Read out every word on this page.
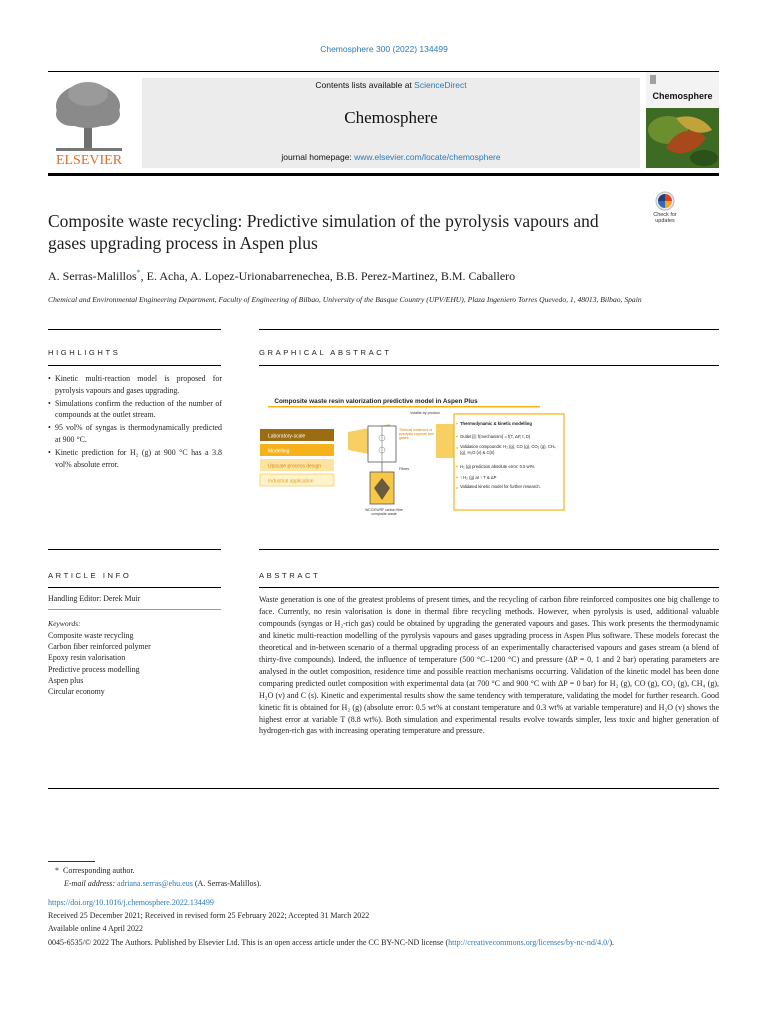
Chemosphere 300 (2022) 134499
ELSEVIER
Contents lists available at ScienceDirect
Chemosphere
journal homepage: www.elsevier.com/locate/chemosphere
Chemosphere
Composite waste recycling: Predictive simulation of the pyrolysis vapours and gases upgrading process in Aspen plus
Check for updates
A. Serras-Malillos*, E. Acha, A. Lopez-Urionabarrenechea, B.B. Perez-Martinez, B.M. Caballero
Chemical and Environmental Engineering Department, Faculty of Engineering of Bilbao, University of the Basque Country (UPV/EHU), Plaza Ingeniero Torres Quevedo, 1, 48013, Bilbao, Spain
HIGHLIGHTS	GRAPHICAL ABSTRACT
• Kinetic multi-reaction model is proposed for pyrolysis vapours and gases upgrading.
• Simulations confirm the reduction of the number of compounds at the outlet stream.
• 95 vol% of syngas is thermodynamically predicted at 900 °C.
• Kinetic prediction for H₂ (g) at 900 °C has a 3.8 vol% absolute error.
Composite waste resin valorization predictive model in Aspen Plus
Laboratory-scale
Modelling
Upscale process design
Industrial application
Volatile by-product
Thermal treatment of pyrolysis vapours and gases
Fibres
WCC/EWRF carbon fibre composite waste
Thermodynamic & kinetic modelling
Outlet [i]: f(mechanism) = f(T, ΔP, t, D)
Validation compounds: H₂ (g), CO (g), CO₂ (g), CH₄ (g), H₂O (v) & C(s)
H₂ (g) prediction absolute error: 0.5 wt%
↑ H₂ (g) at ↑ T & ΔP
Validated kinetic model for further research.
ARTICLE INFO	ABSTRACT
Handling Editor: Derek Muir
Keywords:
Composite waste recycling
Carbon fiber reinforced polymer
Epoxy resin valorisation
Predictive process modelling
Aspen plus
Circular economy
Waste generation is one of the greatest problems of present times, and the recycling of carbon fibre reinforced composites one big challenge to face. Currently, no resin valorisation is done in thermal fibre recycling methods. However, when pyrolysis is used, additional valuable compounds (syngas or H₂-rich gas) could be obtained by upgrading the generated vapours and gases. This work presents the thermodynamic and kinetic multi-reaction modelling of the pyrolysis vapours and gases upgrading process in Aspen Plus software. These models forecast the theoretical and in-between scenario of a thermal upgrading process of an experimentally characterised vapours and gases stream (a blend of thirty-five compounds). Indeed, the influence of temperature (500 °C–1200 °C) and pressure (ΔP = 0, 1 and 2 bar) operating parameters are analysed in the outlet composition, residence time and possible reaction mechanisms occurring. Validation of the kinetic model has been done comparing predicted outlet composition with experimental data (at 700 °C and 900 °C with ΔP = 0 bar) for H₂ (g), CO (g), CO₂ (g), CH₄ (g), H₂O (v) and C (s). Kinetic and experimental results show the same tendency with temperature, validating the model for further research. Good kinetic fit is obtained for H₂ (g) (absolute error: 0.5 wt% at constant temperature and 0.3 wt% at variable temperature) and H₂O (v) shows the highest error at variable T (8.8 wt%). Both simulation and experimental results evolve towards simpler, less toxic and higher generation of hydrogen-rich gas with increasing operating temperature and pressure.
* Corresponding author.
E-mail address: adriana.serras@ehu.eus (A. Serras-Malillos).
https://doi.org/10.1016/j.chemosphere.2022.134499
Received 25 December 2021; Received in revised form 25 February 2022; Accepted 31 March 2022
Available online 4 April 2022
0045-6535/© 2022 The Authors. Published by Elsevier Ltd. This is an open access article under the CC BY-NC-ND license (http://creativecommons.org/licenses/by-nc-nd/4.0/).
